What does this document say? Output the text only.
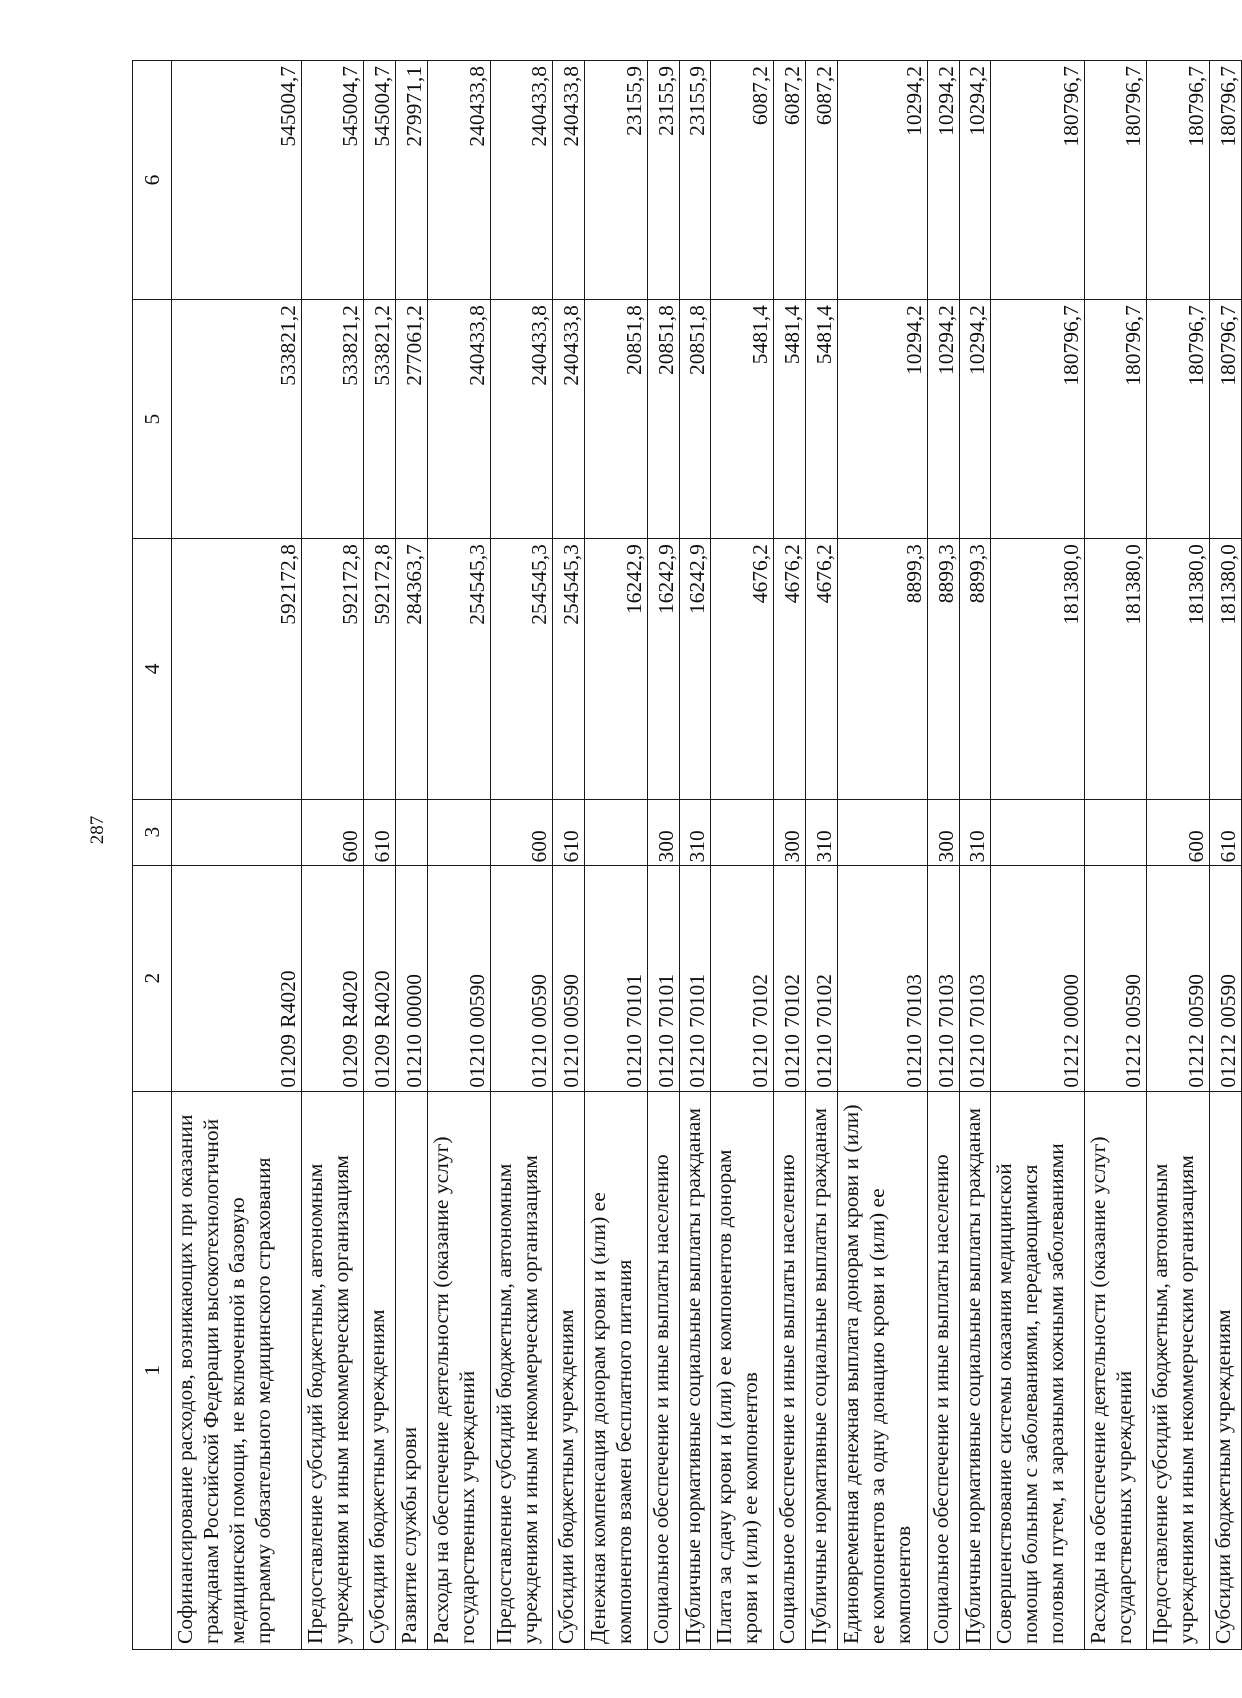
287
1	2	3	4	5	6
Софинансирование расходов, возникающих при оказании гражданам Российской Федерации высокотехнологичной медицинской помощи, не включенной в базовую программу обязательного медицинского страхования	01209R4020		592172,8	533821,2	545004,7
Предоставление субсидий бюджетным, автономным учреждениям и иным некоммерческим организациям	01209R4020	600	592172,8	533821,2	545004,7
Субсидии бюджетным учреждениям	01209R4020	610	592172,8	533821,2	545004,7
Развитие службы крови	0121000000		284363,7	277061,2	279971,1
Расходы на обеспечение деятельности (оказание услуг) государственных учреждений	0121000590		254545,3	240433,8	240433,8
Предоставление субсидий бюджетным, автономным учреждениям и иным некоммерческим организациям	0121000590	600	254545,3	240433,8	240433,8
Субсидии бюджетным учреждениям	0121000590	610	254545,3	240433,8	240433,8
Денежная компенсация донорам крови и (или) ее компонентов взамен бесплатного питания	0121070101		16242,9	20851,8	23155,9
Социальное обеспечение и иные выплаты населению	0121070101	300	16242,9	20851,8	23155,9
Публичные нормативные социальные выплаты гражданам	0121070101	310	16242,9	20851,8	23155,9
Плата за сдачу крови и (или) ее компонентов донорам крови и (или) ее компонентов	0121070102		4676,2	5481,4	6087,2
Социальное обеспечение и иные выплаты населению	0121070102	300	4676,2	5481,4	6087,2
Публичные нормативные социальные выплаты гражданам	0121070102	310	4676,2	5481,4	6087,2
Единовременная денежная выплата донорам крови и (или) ее компонентов за одну донацию крови и (или) ее компонентов	0121070103		8899,3	10294,2	10294,2
Социальное обеспечение и иные выплаты населению	0121070103	300	8899,3	10294,2	10294,2
Публичные нормативные социальные выплаты гражданам	0121070103	310	8899,3	10294,2	10294,2
Совершенствование системы оказания медицинской помощи больным с заболеваниями, передающимися половым путем, и заразными кожными заболеваниями	0121200000		181380,0	180796,7	180796,7
Расходы на обеспечение деятельности (оказание услуг) государственных учреждений	0121200590		181380,0	180796,7	180796,7
Предоставление субсидий бюджетным, автономным учреждениям и иным некоммерческим организациям	0121200590	600	181380,0	180796,7	180796,7
Субсидии бюджетным учреждениям	0121200590	610	181380,0	180796,7	180796,7
